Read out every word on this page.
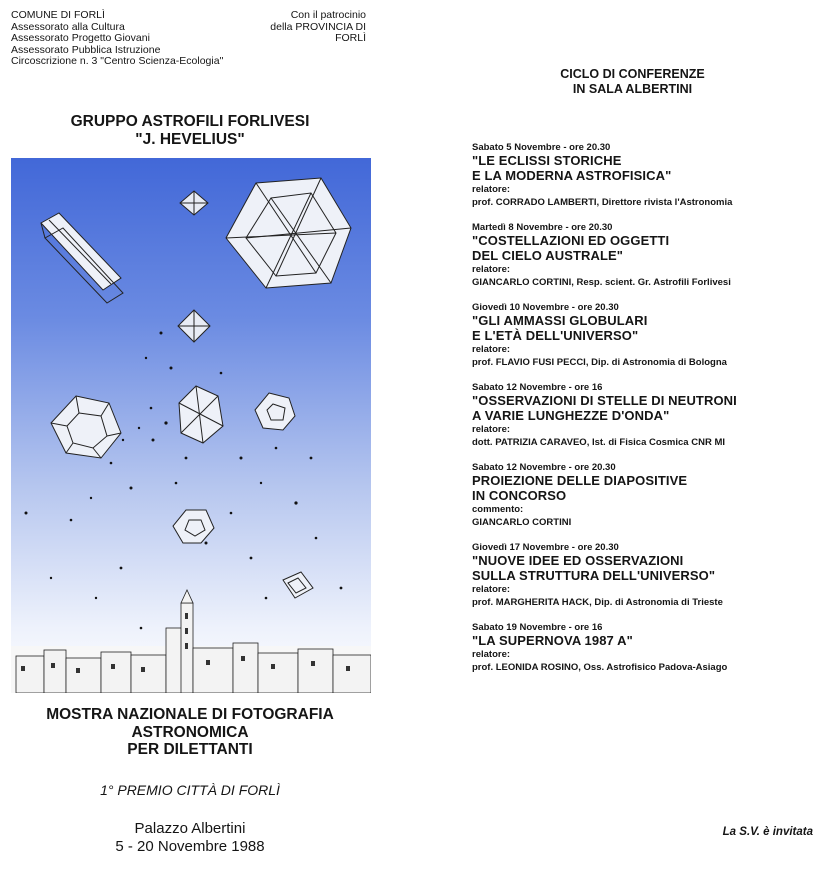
COMUNE DI FORLÌ
Assessorato alla Cultura
Assessorato Progetto Giovani
Assessorato Pubblica Istruzione
Circoscrizione n. 3 "Centro Scienza-Ecologia"
Con il patrocinio
della PROVINCIA DI
FORLÌ
GRUPPO ASTROFILI FORLIVESI
"J. HEVELIUS"
MOSTRA NAZIONALE DI FOTOGRAFIA
ASTRONOMICA
PER DILETTANTI
1° PREMIO CITTÀ DI FORLÌ
Palazzo Albertini
5 - 20 Novembre 1988
CICLO DI CONFERENZE
IN SALA ALBERTINI
Sabato 5 Novembre - ore 20.30
"LE ECLISSI STORICHE
E LA MODERNA ASTROFISICA"
relatore:
prof. CORRADO LAMBERTI, Direttore rivista l'Astronomia
Martedì 8 Novembre - ore 20.30
"COSTELLAZIONI ED OGGETTI
DEL CIELO AUSTRALE"
relatore:
GIANCARLO CORTINI, Resp. scient. Gr. Astrofili Forlivesi
Giovedì 10 Novembre - ore 20.30
"GLI AMMASSI GLOBULARI
E L'ETÀ DELL'UNIVERSO"
relatore:
prof. FLAVIO FUSI PECCI, Dip. di Astronomia di Bologna
Sabato 12 Novembre - ore 16
"OSSERVAZIONI DI STELLE DI NEUTRONI
A VARIE LUNGHEZZE D'ONDA"
relatore:
dott. PATRIZIA CARAVEO, Ist. di Fisica Cosmica CNR MI
Sabato 12 Novembre - ore 20.30
PROIEZIONE DELLE DIAPOSITIVE
IN CONCORSO
commento:
GIANCARLO CORTINI
Giovedì 17 Novembre - ore 20.30
"NUOVE IDEE ED OSSERVAZIONI
SULLA STRUTTURA DELL'UNIVERSO"
relatore:
prof. MARGHERITA HACK, Dip. di Astronomia di Trieste
Sabato 19 Novembre - ore 16
"LA SUPERNOVA 1987 A"
relatore:
prof. LEONIDA ROSINO, Oss. Astrofisico Padova-Asiago
La S.V. è invitata
